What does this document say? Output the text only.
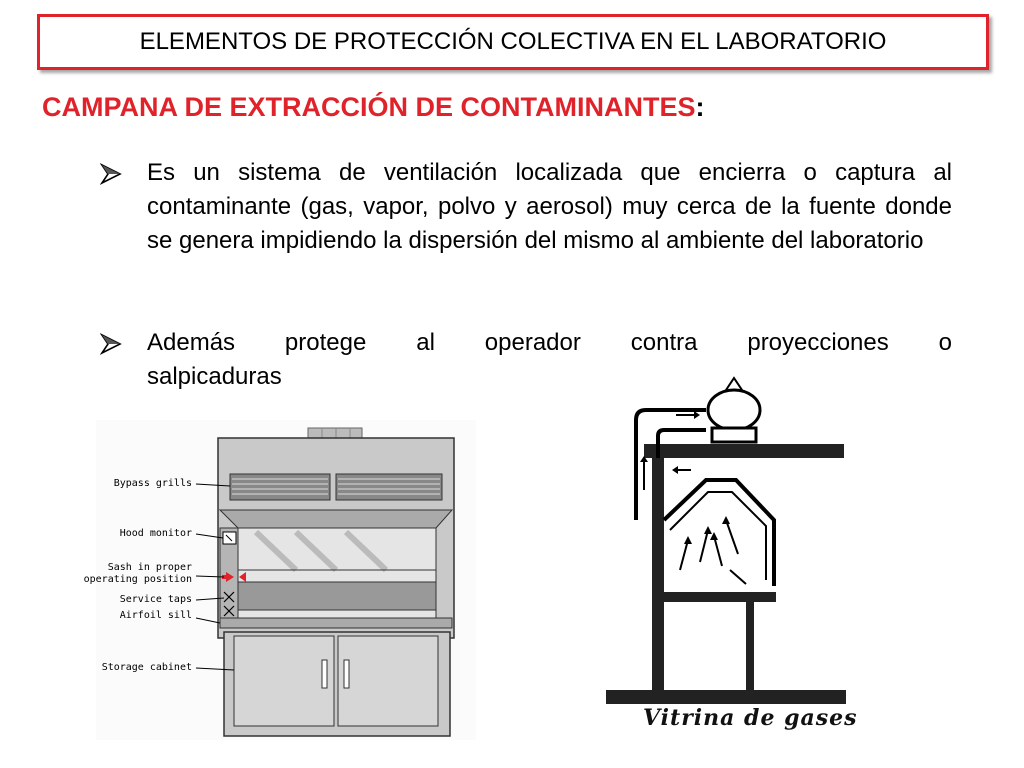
ELEMENTOS DE PROTECCIÓN COLECTIVA EN EL LABORATORIO
CAMPANA DE EXTRACCIÓN DE CONTAMINANTES:
Es un sistema de ventilación localizada que encierra o captura al contaminante (gas, vapor, polvo y aerosol) muy cerca de la fuente donde se genera impidiendo la dispersión del mismo al ambiente del laboratorio
Además protege al operador contra proyecciones o
salpicaduras
Bypass grills
Hood monitor
Sash in proper
operating position
Service taps
Airfoil sill
Storage cabinet
Vitrina de gases
